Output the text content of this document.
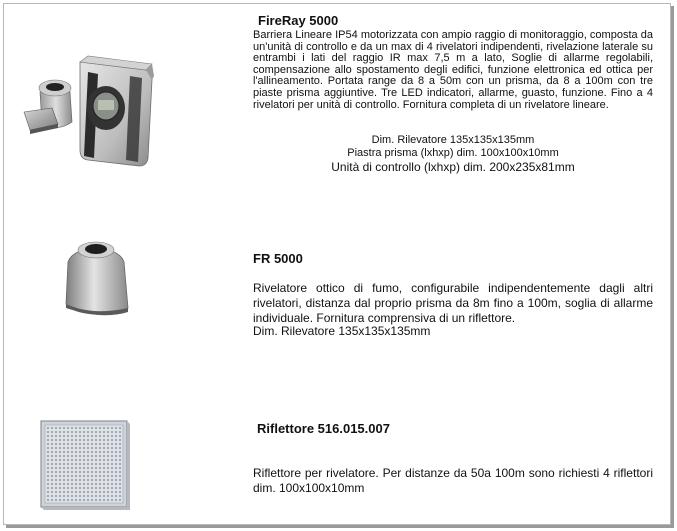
FireRay 5000
Barriera Lineare IP54 motorizzata con ampio raggio di monitoraggio, composta da un'unità di controllo e da un max di 4 rivelatori indipendenti, rivelazione laterale su entrambi i lati del raggio IR max 7,5 m a lato, Soglie di allarme regolabili, compensazione allo spostamento degli edifici, funzione elettronica ed ottica per l'allineamento. Portata range da 8 a 50m con un prisma, da 8 a 100m con tre piaste prisma aggiuntive. Tre LED indicatori, allarme, guasto, funzione. Fino a 4 rivelatori per unità di controllo. Fornitura completa di un rivelatore lineare.
Dim. Rilevatore 135x135x135mm
Piastra prisma (lxhxp) dim. 100x100x10mm
Unità di controllo (lxhxp) dim. 200x235x81mm
FR 5000
Rivelatore ottico di fumo, configurabile indipendentemente dagli altri rivelatori, distanza dal proprio prisma da 8m fino a 100m, soglia di allarme individuale. Fornitura comprensiva di un riflettore.
Dim. Rilevatore 135x135x135mm
Riflettore 516.015.007
Riflettore per rivelatore. Per distanze da 50a 100m sono richiesti 4 riflettori dim. 100x100x10mm
